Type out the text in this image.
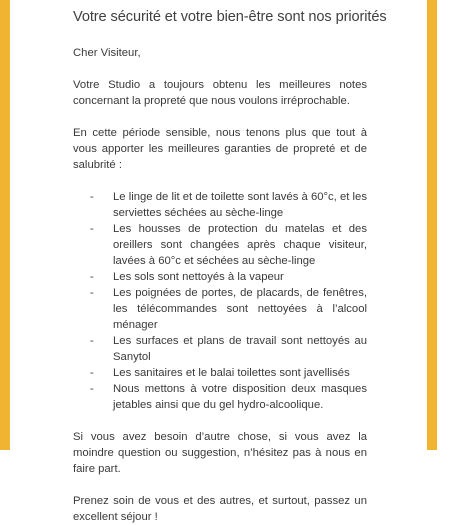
Votre sécurité et votre bien-être sont nos priorités

Cher Visiteur,

Votre Studio a toujours obtenu les meilleures notes concernant la propreté que nous voulons irréprochable.

En cette période sensible, nous tenons plus que tout à vous apporter les meilleures garanties de propreté et de salubrité :

- Le linge de lit et de toilette sont lavés à 60°c, et les serviettes séchées au sèche-linge
- Les housses de protection du matelas et des oreillers sont changées après chaque visiteur, lavées à 60°c et séchées au sèche-linge
- Les sols sont nettoyés à la vapeur
- Les poignées de portes, de placards, de fenêtres, les télécommandes sont nettoyées à l’alcool ménager
- Les surfaces et plans de travail sont nettoyés au Sanytol
- Les sanitaires et le balai toilettes sont javellisés
- Nous mettons à votre disposition deux masques jetables ainsi que du gel hydro-alcoolique.

Si vous avez besoin d’autre chose, si vous avez la moindre question ou suggestion, n’hésitez pas à nous en faire part.

Prenez soin de vous et des autres, et surtout, passez un excellent séjour !
